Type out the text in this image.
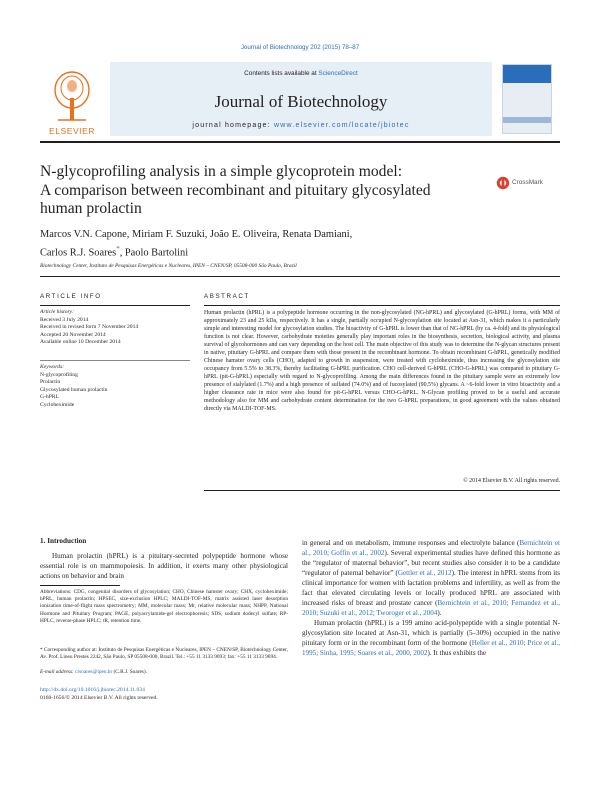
Journal of Biotechnology 202 (2015) 78–87
ELSEVIER
Contents lists available at ScienceDirect
Journal of Biotechnology
journal homepage: www.elsevier.com/locate/jbiotec
N-glycoprofiling analysis in a simple glycoprotein model:
A comparison between recombinant and pituitary glycosylated
human prolactin
CrossMark
Marcos V.N. Capone, Miriam F. Suzuki, João E. Oliveira, Renata Damiani,
Carlos R.J. Soares*, Paolo Bartolini
Biotechnology Center, Instituto de Pesquisas Energéticas e Nucleares, IPEN – CNEN/SP, 05508-000 São Paulo, Brazil
ARTICLE INFO	ABSTRACT
Article history:
Received 3 July 2014
Received in revised form 7 November 2014
Accepted 20 November 2014
Available online 10 December 2014
Keywords:
N-glycoprofiling
Prolactin
Glycosylated human prolactin
G-hPRL
Cycloheximide
Human prolactin (hPRL) is a polypeptide hormone occurring in the non-glycosylated (NG-hPRL) and glycosylated (G-hPRL) forms, with MM of approximately 23 and 25 kDa, respectively. It has a single, partially occupied N-glycosylation site located at Asn-31, which makes it a particularly simple and interesting model for glycosylation studies. The bioactivity of G-hPRL is lower than that of NG-hPRL (by ca. 4-fold) and its physiological function is not clear. However, carbohydrate moieties generally play important roles in the biosynthesis, secretion, biological activity, and plasma survival of glycohormones and can vary depending on the host cell. The main objective of this study was to determine the N-glycan structures present in native, pituitary G-hPRL and compare them with those present in the recombinant hormone. To obtain recombinant G-hPRL, genetically modified Chinese hamster ovary cells (CHO), adapted to growth in suspension, were treated with cycloheximide, thus increasing the glycosylation site occupancy from 5.5% to 38.3%, thereby facilitating G-hPRL purification. CHO cell-derived G-hPRL (CHO-G-hPRL) was compared to pituitary G-hPRL (pit-G-hPRL) especially with regard to N-glycoprofiling. Among the main differences found in the pituitary sample were an extremely low presence of sialylated (1.7%) and a high presence of sulfated (74.0%) and of fucosylated (90.5%) glycans. A ~6-fold lower in vitro bioactivity and a higher clearance rate in mice were also found for pit-G-hPRL versus CHO-G-hPRL. N-Glycan profiling proved to be a useful and accurate methodology also for MM and carbohydrate content determination for the two G-hPRL preparations, in good agreement with the values obtained directly via MALDI-TOF-MS.
© 2014 Elsevier B.V. All rights reserved.
1. Introduction
Human prolactin (hPRL) is a pituitary-secreted polypeptide hormone whose essential role is on mammopoiesis. In addition, it exerts many other physiological actions on behavior and brain
Abbreviations: CDG, congenital disorders of glycosylation; CHO, Chinese hamster ovary; CHX, cycloheximide; hPRL, human prolactin; HPSEC, size-exclusion HPLC; MALDI-TOF-MS, matrix assisted laser desorption ionization time-of-flight mass spectrometry; MM, molecular mass; Mr, relative molecular mass; NHPP, National Hormone and Pituitary Program; PAGE, polyacrylamide-gel electrophoresis; SDS, sodium dodecyl sulfate; RP-HPLC, reverse-phase HPLC; tR, retention time.
* Corresponding author at: Instituto de Pesquisas Energéticas e Nucleares, IPEN – CNEN/SP, Biotechnology Center, Av. Prof. Lineu Prestes 2242, São Paulo, SP 05508-000, Brazil. Tel.: +55 11 3133 9693; fax: +55 11 3133 9694.
E-mail address: crsoares@ipen.br (C.R.J. Soares).
http://dx.doi.org/10.1016/j.jbiotec.2014.11.034
0168-1656/© 2014 Elsevier B.V. All rights reserved.

in general and on metabolism, immune responses and electrolyte balance (Bernichtein et al., 2010; Goffin et al., 2002). Several experimental studies have defined this hormone as the “regulator of maternal behavior”, but recent studies also consider it to be a candidate “regulator of paternal behavior” (Gettler et al., 2012). The interest in hPRL stems from its clinical importance for women with lactation problems and infertility, as well as from the fact that elevated circulating levels or locally produced hPRL are associated with increased risks of breast and prostate cancer (Bernichtein et al., 2010; Fernandez et al., 2010; Suzuki et al., 2012; Tworoger et al., 2004).

Human prolactin (hPRL) is a 199 amino acid-polypeptide with a single potential N-glycosylation site located at Asn-31, which is partially (5–30%) occupied in the native pituitary form or in the recombinant form of the hormone (Heller et al., 2010; Price et al., 1995; Sinha, 1995; Soares et al., 2000, 2002). It thus exhibits the
